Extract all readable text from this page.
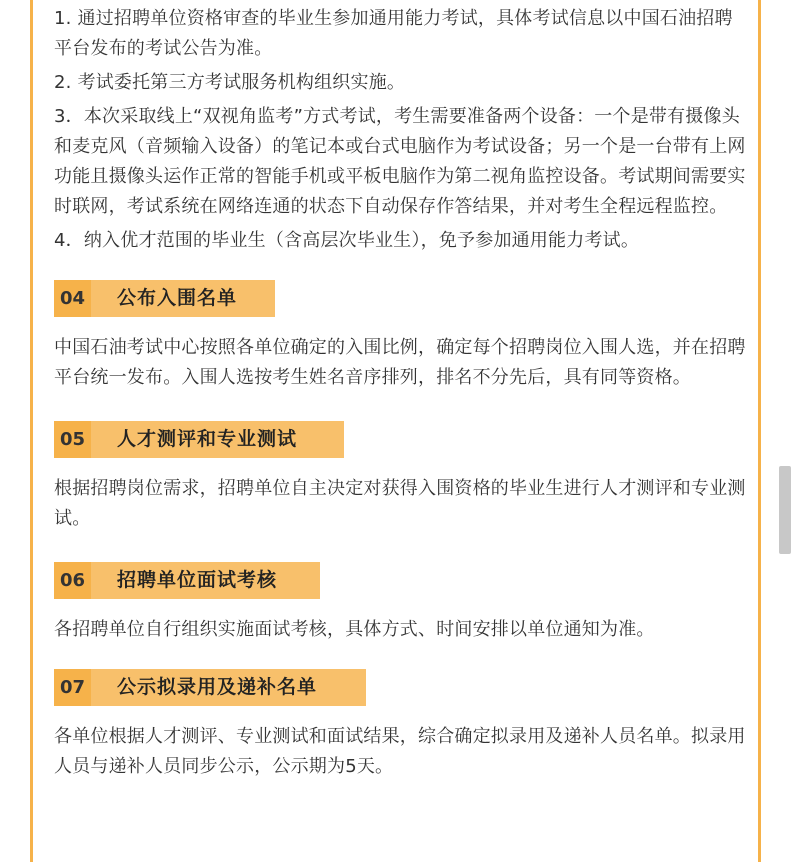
1. 通过招聘单位资格审查的毕业生参加通用能力考试，具体考试信息以中国石油招聘平台发布的考试公告为准。

2. 考试委托第三方考试服务机构组织实施。

3．本次采取线上“双视角监考”方式考试，考生需要准备两个设备：一个是带有摄像头和麦克风（音频输入设备）的笔记本或台式电脑作为考试设备；另一个是一台带有上网功能且摄像头运作正常的智能手机或平板电脑作为第二视角监控设备。考试期间需要实时联网，考试系统在网络连通的状态下自动保存作答结果，并对考生全程远程监控。

4．纳入优才范围的毕业生（含高层次毕业生），免予参加通用能力考试。

04	公布入围名单

中国石油考试中心按照各单位确定的入围比例，确定每个招聘岗位入围人选，并在招聘平台统一发布。入围人选按考生姓名音序排列，排名不分先后，具有同等资格。

05	人才测评和专业测试

根据招聘岗位需求，招聘单位自主决定对获得入围资格的毕业生进行人才测评和专业测试。

06	招聘单位面试考核

各招聘单位自行组织实施面试考核，具体方式、时间安排以单位通知为准。

07	公示拟录用及递补名单

各单位根据人才测评、专业测试和面试结果，综合确定拟录用及递补人员名单。拟录用人员与递补人员同步公示，公示期为5天。
